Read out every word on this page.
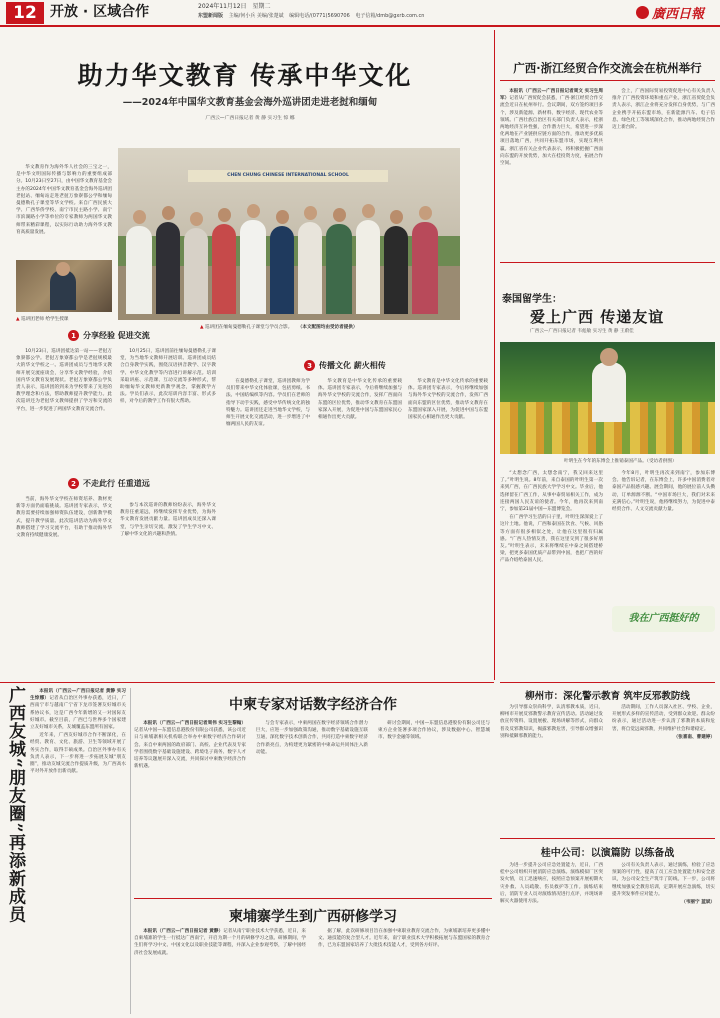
12 开放 · 区域合作	2024年11月12日 星期二
东盟新闻版 主编/何小兵 美编/张楚斌 编辑电话/(0771)5690706 电子信箱/dmb@gxrb.com.cn	廣西日報
助力华文教育 传承中华文化
——2024年中国华文教育基金会海外巡讲团走进老挝和缅甸
广西云—广西日报记者 黄 静 实习生 惊 娜

华文教育作为海外华人社会的三宝之一，是中华文明国际传播与影响力的重要组成部分。10月23日至27日，由中国华文教育基金会主办的2024年中国华文教育基金会海外巡讲团老挝站、缅甸站走进老挝万象寮都公学和缅甸曼德勒孔子课堂等华文学校。来自广西民族大学、广西华侨学校、南宁市民主路小学、南宁市滨湖路小学等单位的专家教师为两国华文教师带来精彩课程，以实际行动助力海外华文教育高质量发展。

▲ 巡讲团老师 给学生授课
CHEN CHUNG CHINESE INTERNATIONAL SCHOOL
▲ 巡讲团在缅甸曼德勒孔子课堂与学员合影。 （本文配图均由受访者提供）
1 分享经验 促进交流

10月23日，巡讲团抵达第一站——老挝万象寮都公学。老挝万象寮都公学是老挝规模最大的华文学校之一。巡讲团成员与当地华文教师开展交流座谈会，分享华文教学经验，介绍国内华文教育发展现状。老挝万象寮都公学负责人表示，巡讲团的到来为学校带来了先进的教学理念和方法，帮助教师提升教学能力。此次巡讲还为老挝华文教师提供了学习和交流的平台，进一步促进了两国华文教育交流合作。

10月25日，巡讲团前往缅甸曼德勒孔子课堂，为当地华文教师开展培训。巡讲团成员结合自身教学实践，围绕汉语拼音教学、汉字教学、中华文化教学等内容进行讲解示范。培训采取讲座、示范课、互动交流等多种形式，帮助缅甸华文教师更新教学观念，掌握教学方法。学员们表示，此次培训内容丰富、形式多样，对今后的教学工作有很大帮助。

2 不走此行 任重道远

当前，海外华文学校在师资培养、教材更新等方面仍面临挑战。巡讲团专家表示，华文教育需要持续加强师资队伍建设，创新教学模式，提升教学质量。此次巡讲活动为海外华文教师搭建了学习交流平台，有助于推动海外华文教育持续健康发展。

参与本次巡讲的教师纷纷表示，海外华文教育任重道远，将继续发挥专业优势，为海外华文教育发展贡献力量。巡讲团成员还深入课堂，与学生亲切交流，激发了学生学习中文、了解中华文化的兴趣和热情。

3 传播文化 薪火相传

在曼德勒孔子课堂，巡讲团教师为学员们带来中华文化体验课，包括剪纸、书法、中国结编织等内容。学员们在老师的指导下动手实践，感受中华传统文化的独特魅力。巡讲团还走进当地华文学校，与师生开展文化交流活动，进一步增进了中缅两国人民的友谊。

华文教育是中华文化传承的重要载体。巡讲团专家表示，今后将继续加强与海外华文学校的交流合作，发挥广西面向东盟的区位优势，推动华文教育在东盟国家深入开展，为促进中国与东盟国家民心相通作出更大贡献。

华文教育是中华文化传承的重要载体。巡讲团专家表示，今后将继续加强与海外华文学校的交流合作，发挥广西面向东盟的区位优势，推动华文教育在东盟国家深入开展，为促进中国与东盟国家民心相通作出更大贡献。

广西·浙江经贸合作交流会在杭州举行

本报讯（广西云—广西日报记者周文 实习生周军）记者从广西贸促会获悉，广西·浙江经贸合作交流会近日在杭州举行。会议期间，双方签约项目多个，涉及新能源、新材料、数字经济、现代农业等领域。广西壮族自治区有关部门负责人表示，桂浙两地经济互补性强，合作潜力巨大，希望进一步深化两地在产业链供应链方面的合作，推动更多优质项目落地广西，共同开拓东盟市场，实现互利共赢。浙江省有关企业代表表示，将积极把握广西面向东盟的开放优势，加大在桂投资力度，拓展合作空间。

会上，广西国际贸易投资促进中心有关负责人推介了广西投资环境和重点产业。浙江省贸促会负责人表示，浙江企业将充分发挥自身优势，与广西企业携手开拓东盟市场，在新能源汽车、电子信息、绿色化工等领域深化合作，推动两地经贸合作迈上新台阶。

泰国留学生：
爱上广西 传递友谊
广西云—广西日报记者 韦彪敏 实习生 黄 静 王蔚佳
叶明生在今年的东博会上推销泰国产品。（受访者供图）

“太想念广西，太想念南宁，我又回来这里了。”叶明生说。8年前，来自泰国的叶明生第一次来到广西，在广西民族大学学习中文。毕业后，他选择留在广西工作，从事中泰贸易相关工作，成为连接两国人民友谊的使者。今年，他再次来到南宁，参加第21届中国—东盟博览会。

在广西学习生活的日子里，叶明生深深爱上了这片土地。他说，广西和泰国在饮食、气候、风俗等方面有很多相似之处，让他在这里很有归属感。“广西人热情友善，我在这里交到了很多好朋友。”叶明生表示，未来将继续在中泰之间搭建桥梁，把更多泰国优质产品带到中国，也把广西的好产品介绍给泰国人民。

今年8月，叶明生再次来到南宁，参加东博会。他告诉记者，在东博会上，许多中国消费者对泰国产品很感兴趣。展会期间，他的展位前人头攒动，订单源源不断。“中国市场巨大，我们对未来充满信心。”叶明生说，他将继续努力，为促进中泰经贸合作、人文交流贡献力量。

我在广西挺好的
柳州市：深化警示教育 筑牢反邪教防线

为引导群众崇尚科学，认清邪教本质，近日，柳州市开展反邪教警示教育宣传活动。活动通过发放宣传资料、设置展板、现场讲解等形式，向群众普及反邪教知识，揭露邪教危害，引导群众增强识别和抵御邪教的能力。

活动期间，工作人员深入社区、学校、企业，开展形式多样的宣传活动，受到群众欢迎。群众纷纷表示，通过活动进一步认清了邪教的本质和危害，将自觉远离邪教，共同维护社会和谐稳定。

（张喜南、曹建婷）

桂中公司：以演篇防 以练备战

为进一步提升公司应急处置能力，近日，广西桂中公司组织开展消防应急演练。演练模拟厂区突发火情，员工迅速响应，按照应急预案开展初期火灾扑救、人员疏散、伤员救护等工作。演练结束后，消防专业人员对演练情况进行点评，并现场讲解灭火器使用方法。

公司有关负责人表示，通过演练，检验了应急预案的可行性，提高了员工应急处置能力和安全意识，为公司安全生产筑牢了防线。下一步，公司将继续加强安全教育培训，定期开展应急演练，切实提升突发事件应对能力。

（韦丽宁 蓝斌）

广西友城“朋友圈”再添新成员	本报讯（广西云—广西日报记者 黄静 实习生惊娜）记者从自治区外事办获悉，近日，广西南宁市与越南广宁省下龙市签署友好城市关系协议书，这是广西今年新增的又一对国际友好城市。截至目前，广西已与世界多个国家建立友好城市关系，友城覆盖东盟所有国家。

近年来，广西友好城市合作不断深化，在经贸、教育、文化、旅游、卫生等领域开展了务实合作，取得丰硕成果。自治区外事办有关负责人表示，下一步将进一步拓展友城“朋友圈”，推动友城交流合作提质升级，为广西高水平对外开放作出新贡献。

中柬专家对话数字经济合作

本报讯（广西云—广西日报记者周伟 实习生黎翰）记者从中国—东盟信息港股份有限公司获悉，该公司近日与柬埔寨相关机构联合举办中柬数字经济合作研讨会。来自中柬两国的政府部门、高校、企业代表及专家学者围绕数字基础设施建设、跨境电子商务、数字人才培养等议题展开深入交流，共同探讨中柬数字经济合作新机遇。

与会专家表示，中柬两国在数字经济领域合作潜力巨大，应进一步加强政策沟通，推动数字基础设施互联互通，深化数字技术创新合作，共同打造中柬数字经济合作新亮点，为构建更为紧密的中柬命运共同体注入新动能。

研讨会期间，中国—东盟信息港股份有限公司还与柬方企业签署多项合作协议，涉及数据中心、智慧城市、数字金融等领域。

柬埔寨学生到广西研修学习

本报讯（广西云—广西日报记者 黄静）记者从南宁职业技术大学获悉，近日，来自柬埔寨的学生一行抵达广西南宁，开启为期一个月的研修学习之旅。研修期间，学生们将学习中文、中国文化以及职业技能等课程，并深入企业参观考察，了解中国经济社会发展成就。

据了解，此次研修项目旨在加强中柬职业教育交流合作，为柬埔寨培养更多懂中文、通技能的复合型人才。近年来，南宁职业技术大学积极拓展与东盟国家的教育合作，已为东盟国家培养了大批技术技能人才，受到各方好评。
